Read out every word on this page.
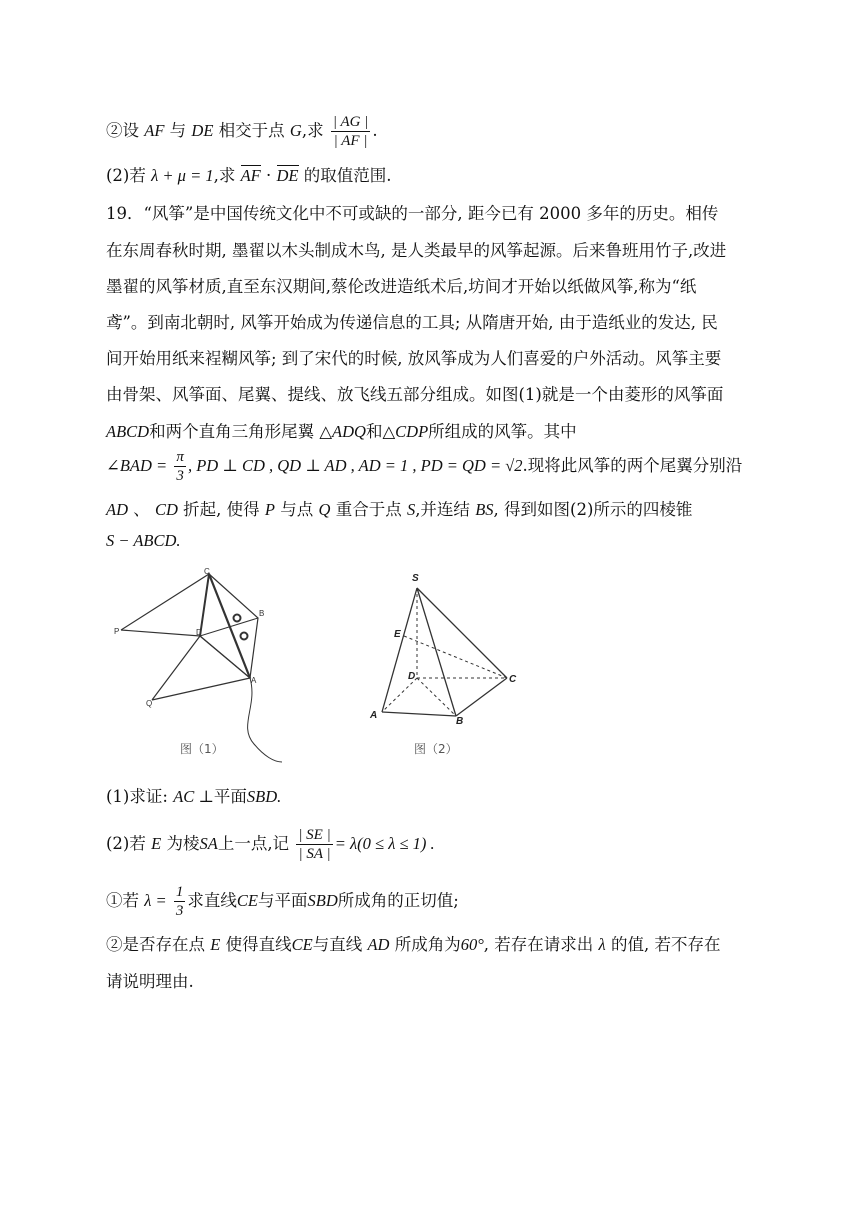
②设 AF 与 DE 相交于点 G,求 $\frac{| AG |}{| AF |}$ .
(2)若 λ + μ = 1,求 AF · DE 的取值范围.
19．“风筝”是中国传统文化中不可或缺的一部分, 距今已有 2000 多年的历史。相传
在东周春秋时期, 墨翟以木头制成木鸟, 是人类最早的风筝起源。后来鲁班用竹子,改进
墨翟的风筝材质,直至东汉期间,蔡伦改进造纸术后,坊间才开始以纸做风筝,称为“纸
鸢”。到南北朝时, 风筝开始成为传递信息的工具; 从隋唐开始, 由于造纸业的发达, 民
间开始用纸来裎糊风筝; 到了宋代的时候, 放风筝成为人们喜爱的户外活动。风筝主要
由骨架、风筝面、尾翼、提线、放飞线五部分组成。如图(1)就是一个由菱形的风筝面
ABCD和两个直角三角形尾翼 △ADQ和△CDP所组成的风筝。其中
∠BAD = $\frac{\pi}{3}$ , PD ⊥ CD , QD ⊥ AD , AD = 1 , PD = QD = √2.现将此风筝的两个尾翼分别沿
AD 、 CD 折起, 使得 P 与点 Q 重合于点 S,并连结 BS, 得到如图(2)所示的四棱锥
S − ABCD.
C
B
P	D
A
Q
图（1）
S
E
D	C
A
B
图（2）
(1)求证: AC ⊥平面SBD.
(2)若 E 为棱SA上一点,记 $\frac{| SE |}{| SA |} = \lambda(0 \le \lambda \le 1)$ .
①若 $\lambda = \frac{1}{3}$ 求直线CE与平面SBD所成角的正切值;
②是否存在点 E 使得直线CE与直线 AD 所成角为60°, 若存在请求出 λ 的值, 若不存在
请说明理由.
